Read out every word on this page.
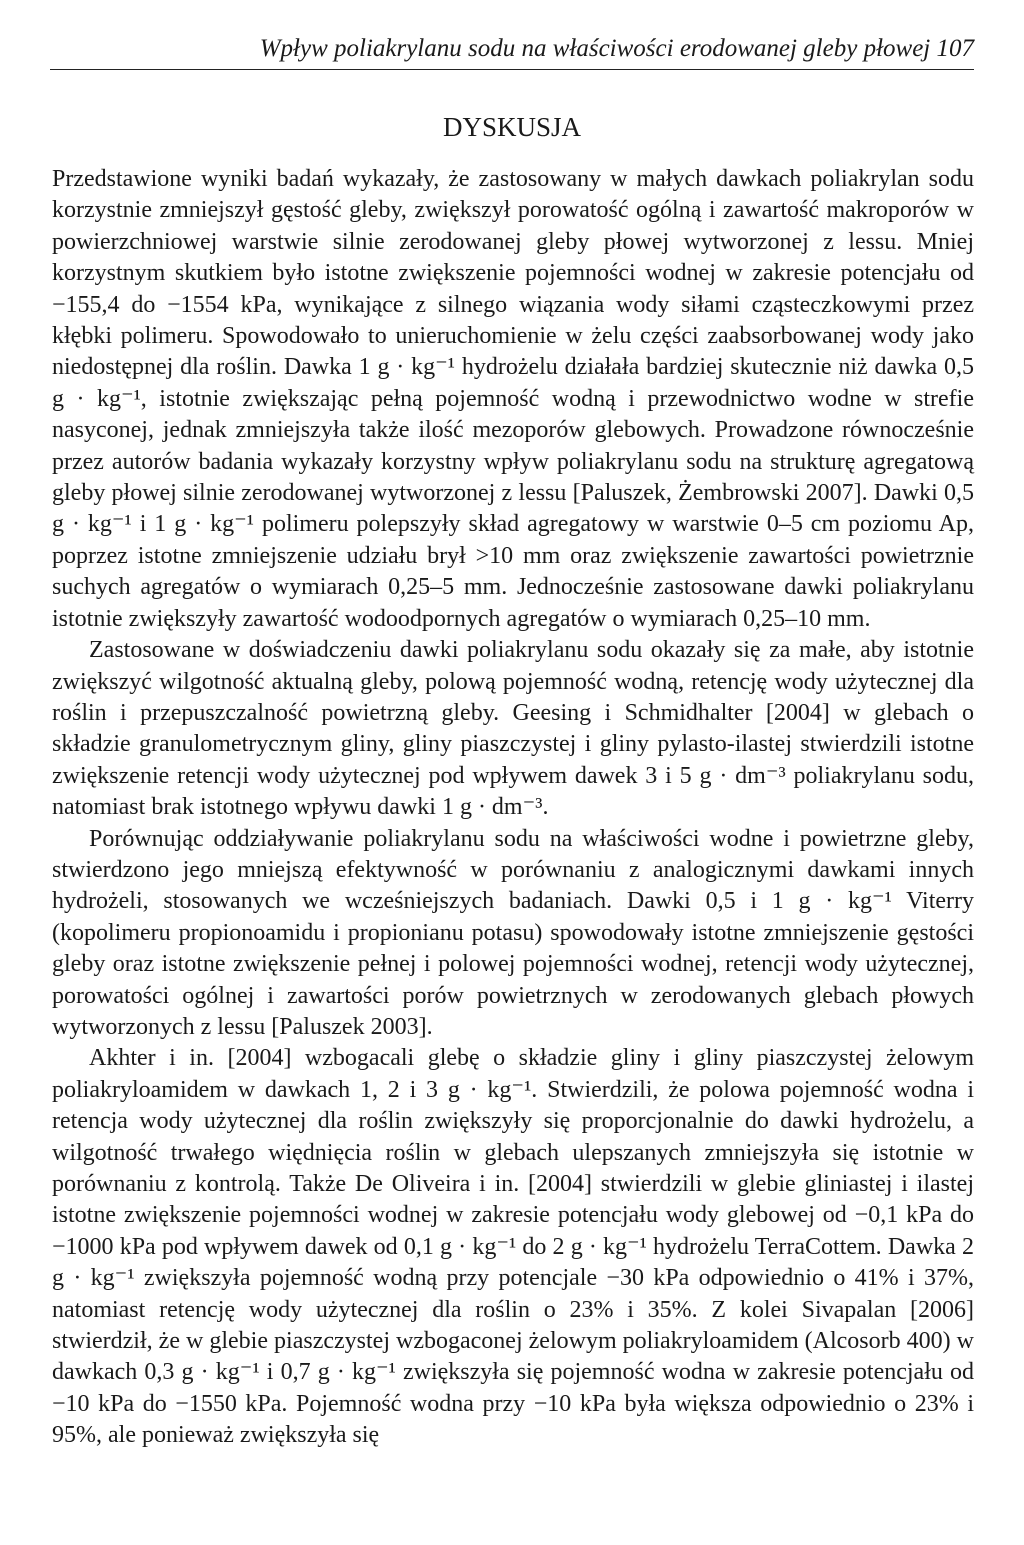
Wpływ poliakrylanu sodu na właściwości erodowanej gleby płowej 107
DYSKUSJA

Przedstawione wyniki badań wykazały, że zastosowany w małych dawkach poliakrylan sodu korzystnie zmniejszył gęstość gleby, zwiększył porowatość ogólną i zawartość makroporów w powierzchniowej warstwie silnie zerodowanej gleby płowej wytworzonej z lessu. Mniej korzystnym skutkiem było istotne zwiększenie pojemności wodnej w zakresie potencjału od −155,4 do −1554 kPa, wynikające z silnego wiązania wody siłami cząsteczkowymi przez kłębki polimeru. Spowodowało to unieruchomienie w żelu części zaabsorbowanej wody jako niedostępnej dla roślin. Dawka 1 g · kg⁻¹ hydrożelu działała bardziej skutecznie niż dawka 0,5 g · kg⁻¹, istotnie zwiększając pełną pojemność wodną i przewodnictwo wodne w strefie nasyconej, jednak zmniejszyła także ilość mezoporów glebowych. Prowadzone równocześnie przez autorów badania wykazały korzystny wpływ poliakrylanu sodu na strukturę agregatową gleby płowej silnie zerodowanej wytworzonej z lessu [Paluszek, Żembrowski 2007]. Dawki 0,5 g · kg⁻¹ i 1 g · kg⁻¹ polimeru polepszyły skład agregatowy w warstwie 0–5 cm poziomu Ap, poprzez istotne zmniejszenie udziału brył >10 mm oraz zwiększenie zawartości powietrznie suchych agregatów o wymiarach 0,25–5 mm. Jednocześnie zastosowane dawki poliakrylanu istotnie zwiększyły zawartość wodoodpornych agregatów o wymiarach 0,25–10 mm.

Zastosowane w doświadczeniu dawki poliakrylanu sodu okazały się za małe, aby istotnie zwiększyć wilgotność aktualną gleby, polową pojemność wodną, retencję wody użytecznej dla roślin i przepuszczalność powietrzną gleby. Geesing i Schmidhalter [2004] w glebach o składzie granulometrycznym gliny, gliny piaszczystej i gliny pylasto-ilastej stwierdzili istotne zwiększenie retencji wody użytecznej pod wpływem dawek 3 i 5 g · dm⁻³ poliakrylanu sodu, natomiast brak istotnego wpływu dawki 1 g · dm⁻³.

Porównując oddziaływanie poliakrylanu sodu na właściwości wodne i powietrzne gleby, stwierdzono jego mniejszą efektywność w porównaniu z analogicznymi dawkami innych hydrożeli, stosowanych we wcześniejszych badaniach. Dawki 0,5 i 1 g · kg⁻¹ Viterry (kopolimeru propionoamidu i propionianu potasu) spowodowały istotne zmniejszenie gęstości gleby oraz istotne zwiększenie pełnej i polowej pojemności wodnej, retencji wody użytecznej, porowatości ogólnej i zawartości porów powietrznych w zerodowanych glebach płowych wytworzonych z lessu [Paluszek 2003].

Akhter i in. [2004] wzbogacali glebę o składzie gliny i gliny piaszczystej żelowym poliakryloamidem w dawkach 1, 2 i 3 g · kg⁻¹. Stwierdzili, że polowa pojemność wodna i retencja wody użytecznej dla roślin zwiększyły się proporcjonalnie do dawki hydrożelu, a wilgotność trwałego więdnięcia roślin w glebach ulepszanych zmniejszyła się istotnie w porównaniu z kontrolą. Także De Oliveira i in. [2004] stwierdzili w glebie gliniastej i ilastej istotne zwiększenie pojemności wodnej w zakresie potencjału wody glebowej od −0,1 kPa do −1000 kPa pod wpływem dawek od 0,1 g · kg⁻¹ do 2 g · kg⁻¹ hydrożelu TerraCottem. Dawka 2 g · kg⁻¹ zwiększyła pojemność wodną przy potencjale −30 kPa odpowiednio o 41% i 37%, natomiast retencję wody użytecznej dla roślin o 23% i 35%. Z kolei Sivapalan [2006] stwierdził, że w glebie piaszczystej wzbogaconej żelowym poliakryloamidem (Alcosorb 400) w dawkach 0,3 g · kg⁻¹ i 0,7 g · kg⁻¹ zwiększyła się pojemność wodna w zakresie potencjału od −10 kPa do −1550 kPa. Pojemność wodna przy −10 kPa była większa odpowiednio o 23% i 95%, ale ponieważ zwiększyła się
